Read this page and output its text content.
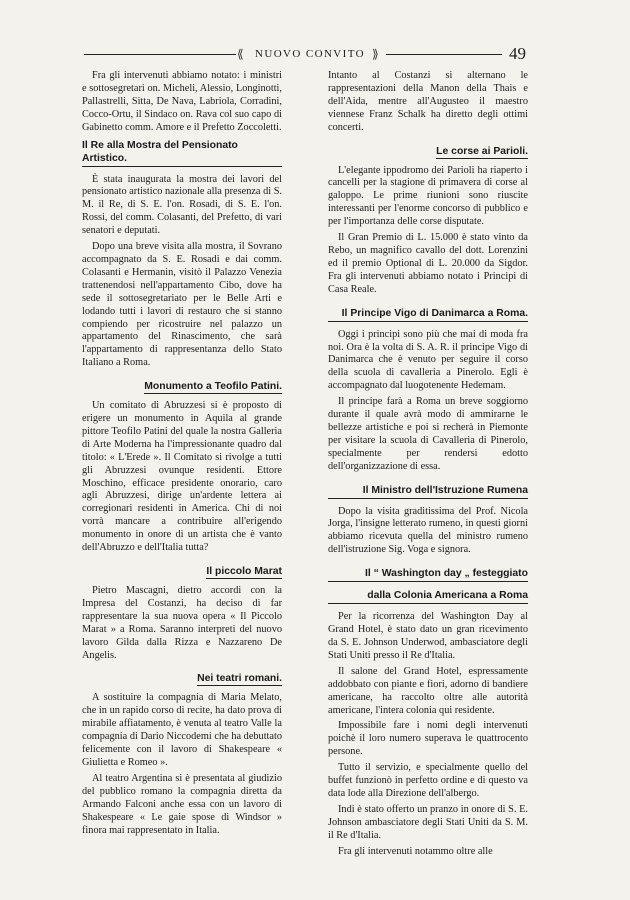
⟪	NUOVO CONVITO ⟫	49

Fra gli intervenuti abbiamo notato: i ministri e sottosegretari on. Micheli, Alessio, Longinotti, Pallastrelli, Sitta, De Nava, Labriola, Corradini, Cocco-Ortu, il Sindaco on. Rava col suo capo di Gabinetto comm. Amore e il Prefetto Zoccoletti.

Il Re alla Mostra del Pensionato Artistico.

È stata inaugurata la mostra dei lavori del pensionato artistico nazionale alla presenza di S. M. il Re, di S. E. l'on. Rosadi, di S. E. l'on. Rossi, del comm. Colasanti, del Prefetto, di vari senatori e deputati.

Dopo una breve visita alla mostra, il Sovrano accompagnato da S. E. Rosadi e dai comm. Colasanti e Hermanin, visitò il Palazzo Venezia trattenendosi nell'appartamento Cibo, dove ha sede il sottosegretariato per le Belle Arti e lodando tutti i lavori di restauro che si stanno compiendo per ricostruire nel palazzo un appartamento del Rinascimento, che sarà l'appartamento di rappresentanza dello Stato Italiano a Roma.

Monumento a Teofilo Patini.

Un comitato di Abruzzesi si è proposto di erigere un monumento in Aquila al grande pittore Teofilo Patini del quale la nostra Galleria di Arte Moderna ha l'impressionante quadro dal titolo: « L'Erede ». Il Comitato si rivolge a tutti gli Abruzzesi ovunque residenti. Ettore Moschino, efficace presidente onorario, caro agli Abruzzesi, dirige un'ardente lettera ai corregionari residenti in America. Chi di noi vorrà mancare a contribuire all'erigendo monumento in onore di un artista che è vanto dell'Abruzzo e dell'Italia tutta?

Il piccolo Marat

Pietro Mascagni, dietro accordi con la Impresa del Costanzi, ha deciso di far rappresentare la sua nuova opera « Il Piccolo Marat » a Roma. Saranno interpreti del nuovo lavoro Gilda dalla Rizza e Nazzareno De Angelis.

Nei teatri romani.

A sostituire la compagnia di Maria Melato, che in un rapido corso di recite, ha dato prova di mirabile affiatamento, è venuta al teatro Valle la compagnia di Dario Niccodemi che ha debuttato felicemente con il lavoro di Shakespeare « Giulietta e Romeo ».

Al teatro Argentina si è presentata al giudizio del pubblico romano la compagnia diretta da Armando Falconi anche essa con un lavoro di Shakespeare « Le gaie spose di Windsor » finora mai rappresentato in Italia.

Intanto al Costanzi si alternano le rappresentazioni della Manon della Thais e dell'Aida, mentre all'Augusteo il maestro viennese Franz Schalk ha diretto degli ottimi concerti.

Le corse ai Parioli.

L'elegante ippodromo dei Parioli ha riaperto i cancelli per la stagione di primavera di corse al galoppo. Le prime riunioni sono riuscite interessanti per l'enorme concorso di pubblico e per l'importanza delle corse disputate.

Il Gran Premio di L. 15.000 è stato vinto da Rebo, un magnifico cavallo del dott. Lorenzini ed il premio Optional di L. 20.000 da Sigdor. Fra gli intervenuti abbiamo notato i Principi di Casa Reale.

Il Principe Vigo di Danimarca a Roma.

Oggi i principi sono più che mai di moda fra noi. Ora è la volta di S. A. R. il principe Vigo di Danimarca che è venuto per seguire il corso della scuola di cavalleria a Pinerolo. Egli è accompagnato dal luogotenente Hedemam.

Il principe farà a Roma un breve soggiorno durante il quale avrà modo di ammirarne le bellezze artistiche e poi si recherà in Piemonte per visitare la scuola di Cavalleria di Pinerolo, specialmente per rendersi edotto dell'organizzazione di essa.

Il Ministro dell'Istruzione Rumena

Dopo la visita graditissima del Prof. Nicola Jorga, l'insigne letterato rumeno, in questi giorni abbiamo ricevuta quella del ministro rumeno dell'istruzione Sig. Voga e signora.

Il “ Washington day „ festeggiato
dalla Colonia Americana a Roma

Per la ricorrenza del Washington Day al Grand Hotel, è stato dato un gran ricevimento da S. E. Johnson Underwod, ambasciatore degli Stati Uniti presso il Re d'Italia.

Il salone del Grand Hotel, espressamente addobbato con piante e fiori, adorno di bandiere americane, ha raccolto oltre alle autorità americane, l'intera colonia qui residente.

Impossibile fare i nomi degli intervenuti poichè il loro numero superava le quattrocento persone.

Tutto il servizio, e specialmente quello del buffet funzionò in perfetto ordine e di questo va data lode alla Direzione dell'albergo.

Indi è stato offerto un pranzo in onore di S. E. Johnson ambasciatore degli Stati Uniti da S. M. il Re d'Italia.

Fra gli intervenuti notammo oltre alle
